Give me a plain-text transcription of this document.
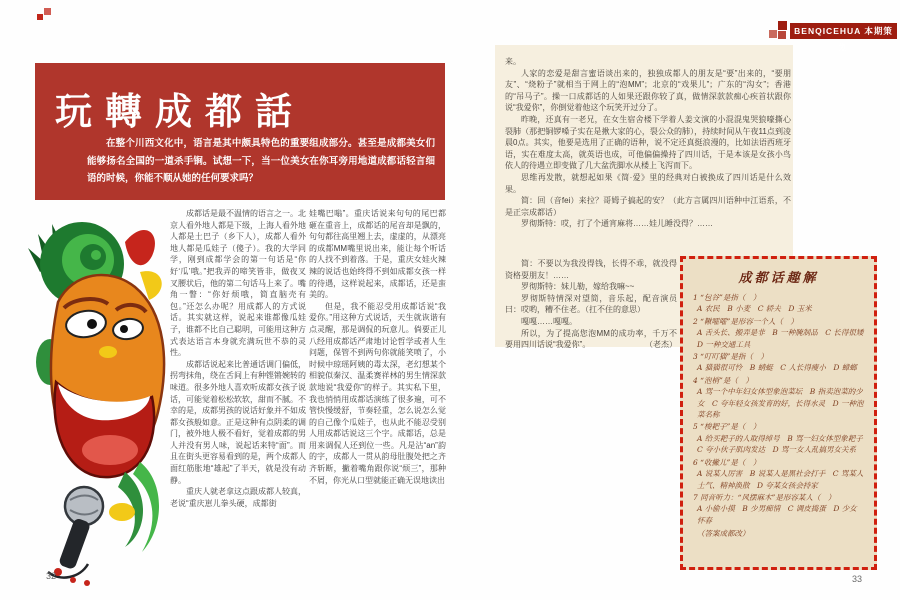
玩轉成都話
在整个川西文化中，语言是其中颇具特色的重要组成部分。甚至是成都美女们能够扬名全国的一道杀手锏。试想一下，当一位美女在你耳旁用地道成都话轻言细语的时候，你能不顺从她的任何要求吗？

成都话是最不温情的语言之一。北京人看外地人都是下级，上海人看外地人都是土巴子（乡下人），成都人看外地人都是瓜娃子（傻子）。我的大学同学，刚到成都学会的第一句话是“你好‘瓜’哦。”把我弄的啼笑皆非，做夜叉叉腰状后，他的第二句话马上来了。嘴角一瞥：“你好烦哦，简直脑壳有包。”还怎么办呢？用成都人的方式说话。其实就这样，说起来谁都像瓜娃子，谁都不比自己聪明，可能用这种方式表达语言本身就充满玩世不恭的灵性。

成都话说起来比普通话调门偏低，拐弯抹角，绕在舌间上有种铿锵婉转的味道。很多外地人喜欢听成都女孩子说话，可能觉着松松软软，甜而不腻。不幸的是，成都男孩的说话好象并不如成都女孩般如意。正是这种有点阴柔的调门，被外地人极不看好，觉着成都的男人并没有男人味，说起话来特“面”。而且在街头更容易看到的是，两个成都人面红筋胀地“雄起”了半天，就是没有动静。

重庆人就老拿这点跟成都人较真，老说“重庆崽儿拳头硬，成都街

娃嘴巴嗡”。重庆话说来句句的尾巴都砸在重音上，成都话的尾音却是飘的，句句都往高里翘上去，虚虚的，从漂亮的成都MM嘴里说出来，能让每个听话的人找不到着落。于是，重庆女娃火辣辣的说话也始终得不到如成都女孩一样的待遇，这样说起来，成都话，还是蛮美的。

但是，我不能忍受用成都话说“我爱你。”用这种方式说话，天生就诙谐有点灵醒，那是调侃的玩意儿。倘要正儿八经用成都话严肃地讨论哲学或者人生问题，保管不到两句你就能笑喷了，小时候中琼瑶阿姨的毒太深，老幻想某个相貌似秦汉、温柔赛祥林的男生情深款款地说“我爱你”的样子。其实私下里，我也悄悄用成都话演练了很多遍，可不管快慢缓舒，节奏轻重，怎么说怎么觉的自己像个瓜娃子，也从此不能忍受别人用成都话说这三个字。成都话，总是用来调侃人还到位一些。凡是沾“an”韵的字，成都人一贯从韵母肚腹处把之齐齐斩断，撇着嘴角跟你说“烦三”，那种不屑，你光从口型就能正确无误地读出

32
BENQICEHUA 本期策划

来。

人家的恋爱是甜言蜜语谈出来的，独独成都人的朋友是“要”出来的，“要朋友”、“烧粉子”就相当于网上的“泡MM”；北京的“戏果儿”；广东的“沟女”；香港的“吊马子”。操一口成都话的人如果还跟你较了真，做情深款款痴心疾首状跟你说“我爱你”，你倒觉着他这个玩笑开过分了。

昨晚，还真有一老兄，在女生宿舍楼下学着人姜文演的小混混鬼哭狼嚎撕心裂肺（那把铜锣嗓子实在是揪大家的心，裂公众的肺），持续时间从午夜11点到凌晨0点。其实，他要是选用了正确的语种，说不定还真挺浪漫的，比如法语西班牙语，实在难度太高，就英语也成，可他偏偏操持了四川话，于是本该是女孩小鸟依人的待遇立即变做了几大盆洗脚水从楼上飞泻而下。

思维再发散，就想起如果《简·爱》里的经典对白被换成了四川话是什么效果。

简：回（音fei）来拉？哥姆子搞起的安？（此方言属四川语种中江语系，不是正宗成都话）

罗彻斯特：哎，打了个通宵麻将……娃儿睡没得？……

简：不要以为我没得钱，长得不乖，就没得资格耍朋友！……

罗彻斯特：妹儿勒，嫁给我嘛~~

罗彻斯特情深对望简，音乐起，配音演员曰：哎哟，糟不住老。（扛不住的意思）

嘎嘎……嘎嘎。

所以，为了提高您泡MM的成功率，千万不要用四川话说“我爱你”。	（老杰）

成都话趣解
1 “包谷”是指（　）
A 农民　B 小麦　C 轿夫　D 玉米
2 “鞦嚯嚯”是形容一个人（　）
A 舌头长、搬弄是非　B 一种腌制品　C 长得很矮　D 一种交通工具
3 “叮叮猫”是指（　）
A 猫猫很可怜　B 蜻蜓　C 人长得瘦小　D 蟑螂
4 “泡梢”是（　）
A 骂一个中年妇女体型象泡菜坛　B 指卖泡菜的少女　C 夸年轻女孩发育的好，长得水灵　D 一种泡菜名称
5 “梭耙子”是（　）
A 给买耙子的人取得绰号　B 骂一妇女体型象耙子　C 夸小伙子肌肉发达　D 骂一女人乱搞男女关系
6 “收撇儿”是（　）
A 说某人厉害　B 说某人是黑社会打手　C 骂某人土气、精神涣散　D 夸某女孩会持家
7 同音听力：“风摆麻木”是形容某人（　）
A 小偷小摸　B 少男痴情　C 调皮捣蛋　D 少女怀春
（答案成都改）
33
